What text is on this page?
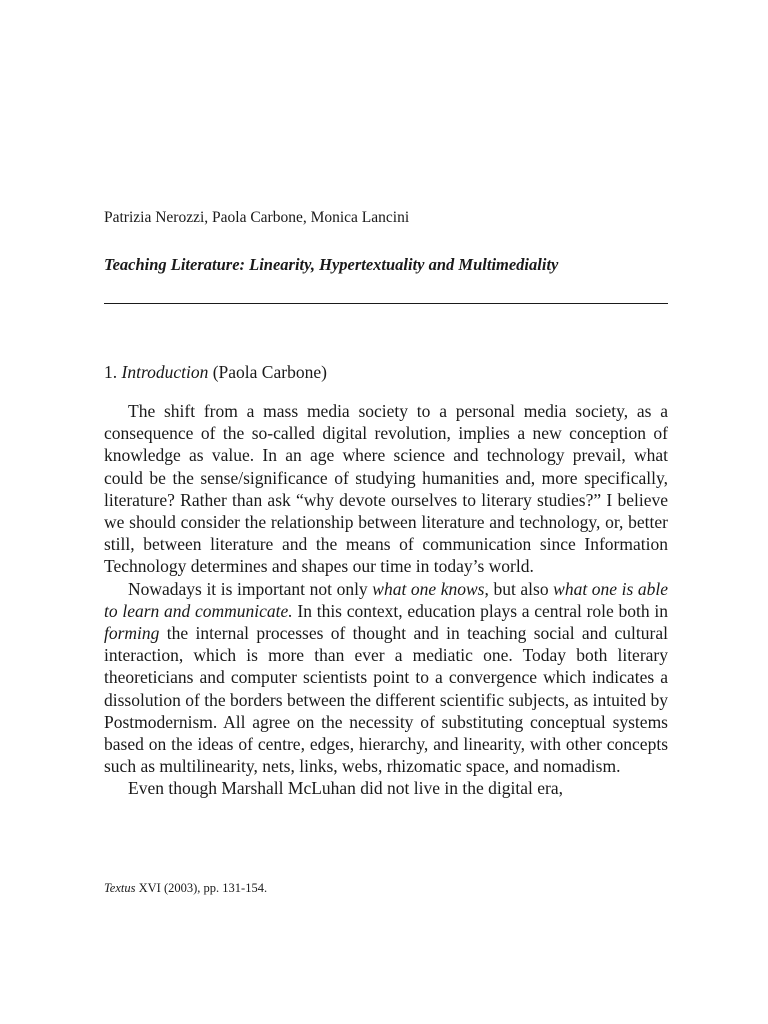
Patrizia Nerozzi, Paola Carbone, Monica Lancini
Teaching Literature: Linearity, Hypertextuality and Multimediality
1. Introduction (Paola Carbone)

The shift from a mass media society to a personal media society, as a consequence of the so-called digital revolution, implies a new conception of knowledge as value. In an age where science and technology prevail, what could be the sense/significance of studying humanities and, more specifically, literature? Rather than ask “why devote ourselves to literary studies?” I believe we should consider the relationship between literature and technology, or, better still, between literature and the means of communication since Information Technology determines and shapes our time in today’s world.

Nowadays it is important not only what one knows, but also what one is able to learn and communicate. In this context, education plays a central role both in forming the internal processes of thought and in teaching social and cultural interaction, which is more than ever a mediatic one. Today both literary theoreticians and computer scientists point to a convergence which indicates a dissolution of the borders between the different scientific subjects, as intuited by Postmodernism. All agree on the necessity of substituting conceptual systems based on the ideas of centre, edges, hierarchy, and linearity, with other concepts such as multilinearity, nets, links, webs, rhizomatic space, and nomadism.

Even though Marshall McLuhan did not live in the digital era,

Textus XVI (2003), pp. 131-154.
